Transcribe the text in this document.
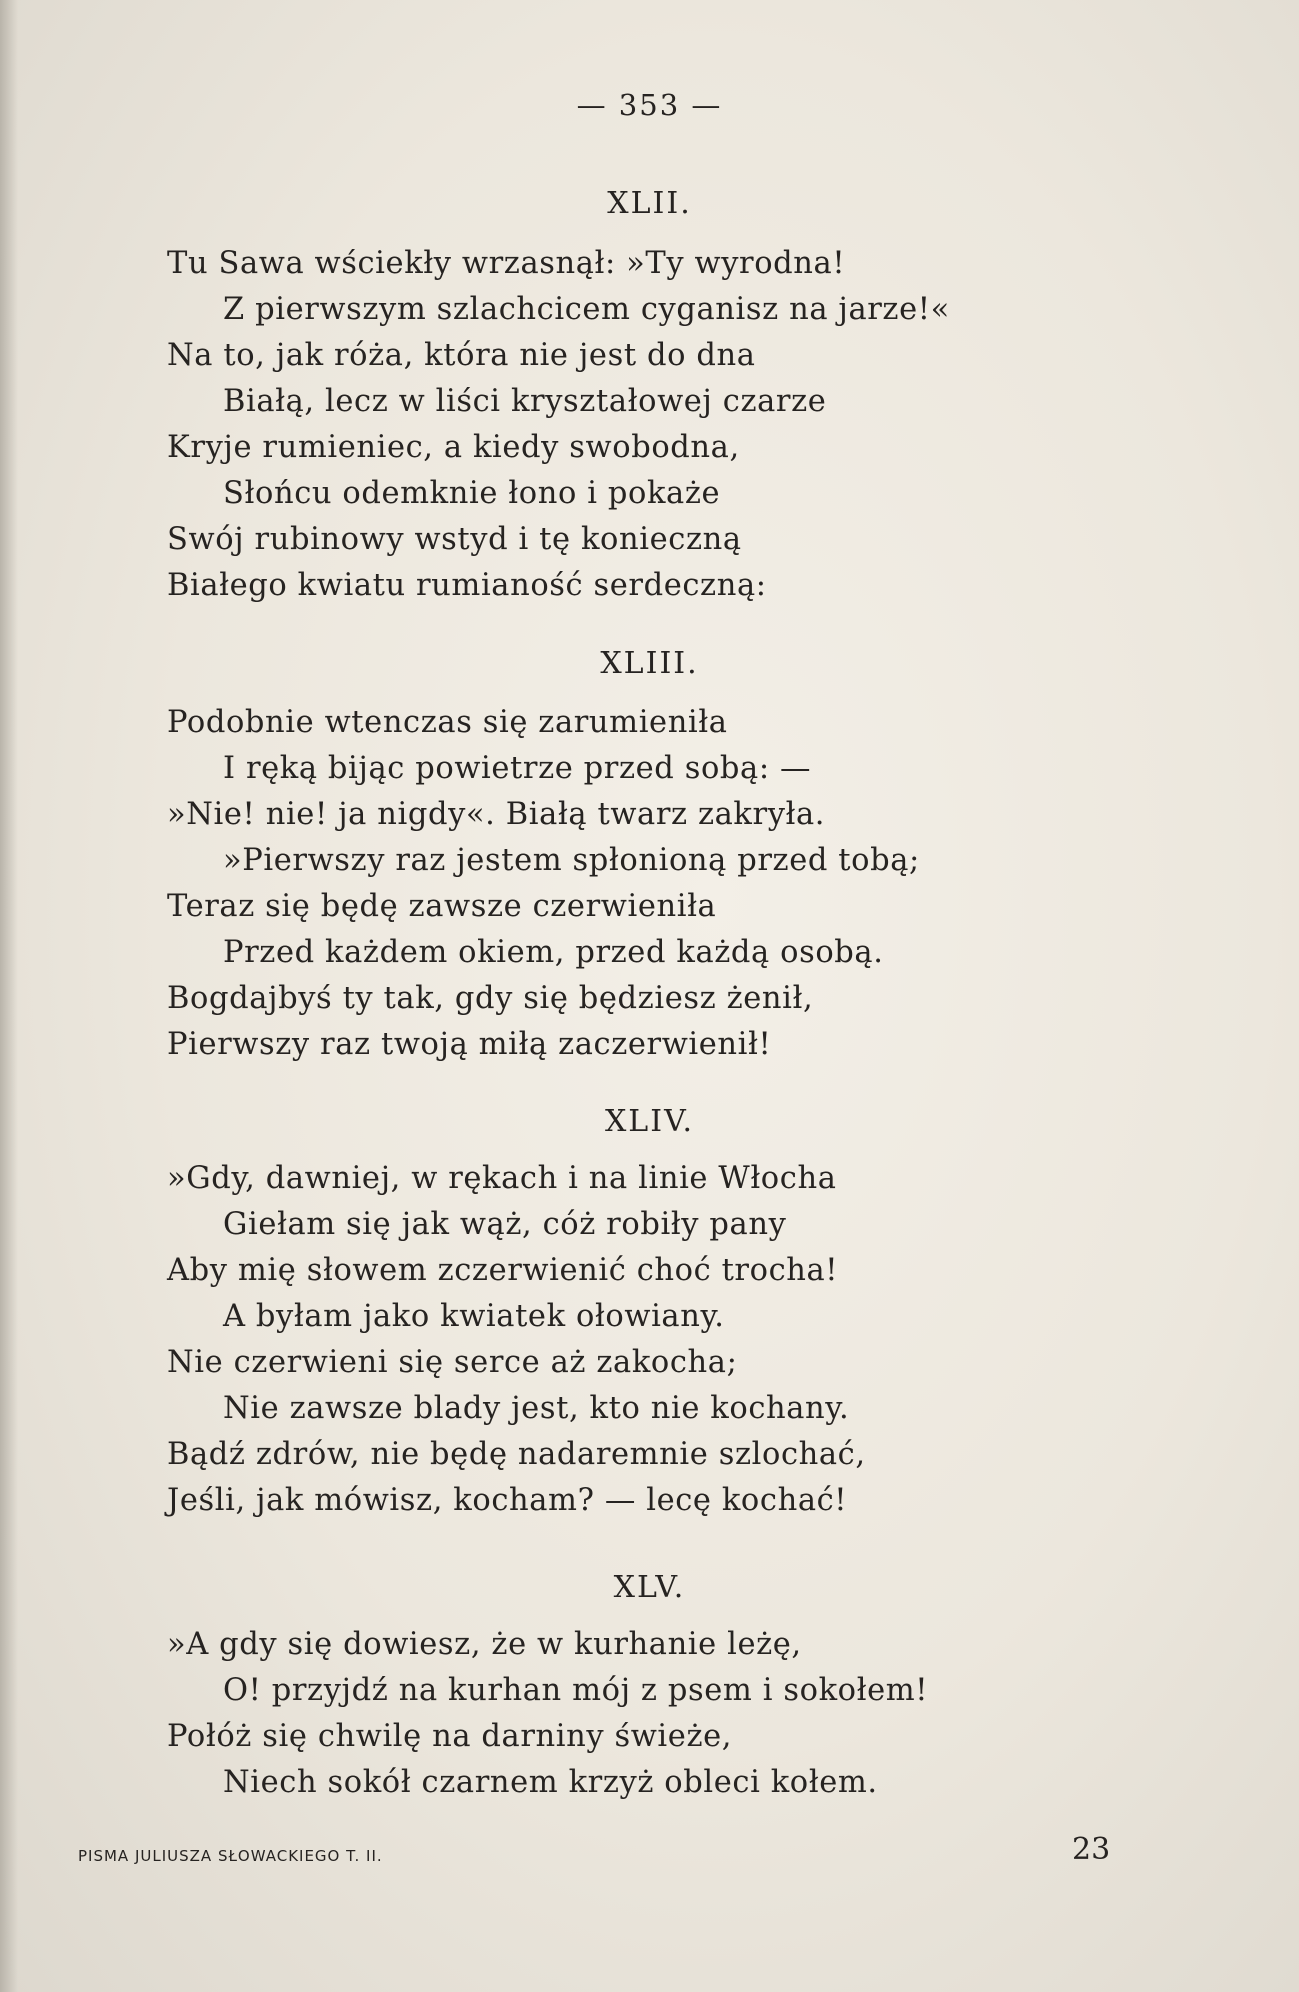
— 353 —
XLII.
Tu Sawa wściekły wrzasnął: »Ty wyrodna!
Z pierwszym szlachcicem cyganisz na jarze!«
Na to, jak róża, która nie jest do dna
Białą, lecz w liści kryształowej czarze
Kryje rumieniec, a kiedy swobodna,
Słońcu odemknie łono i pokaże
Swój rubinowy wstyd i tę konieczną
Białego kwiatu rumianość serdeczną:
XLIII.
Podobnie wtenczas się zarumieniła
I ręką bijąc powietrze przed sobą: —
»Nie! nie! ja nigdy«. Białą twarz zakryła.
»Pierwszy raz jestem spłonioną przed tobą;
Teraz się będę zawsze czerwieniła
Przed każdem okiem, przed każdą osobą.
Bogdajbyś ty tak, gdy się będziesz żenił,
Pierwszy raz twoją miłą zaczerwienił!
XLIV.
»Gdy, dawniej, w rękach i na linie Włocha
Giełam się jak wąż, cóż robiły pany
Aby mię słowem zczerwienić choć trocha!
A byłam jako kwiatek ołowiany.
Nie czerwieni się serce aż zakocha;
Nie zawsze blady jest, kto nie kochany.
Bądź zdrów, nie będę nadaremnie szlochać,
Jeśli, jak mówisz, kocham? — lecę kochać!
XLV.
»A gdy się dowiesz, że w kurhanie leżę,
O! przyjdź na kurhan mój z psem i sokołem!
Połóż się chwilę na darniny świeże,
Niech sokół czarnem krzyż obleci kołem.
PISMA JULIUSZA SŁOWACKIEGO T. II.	23
